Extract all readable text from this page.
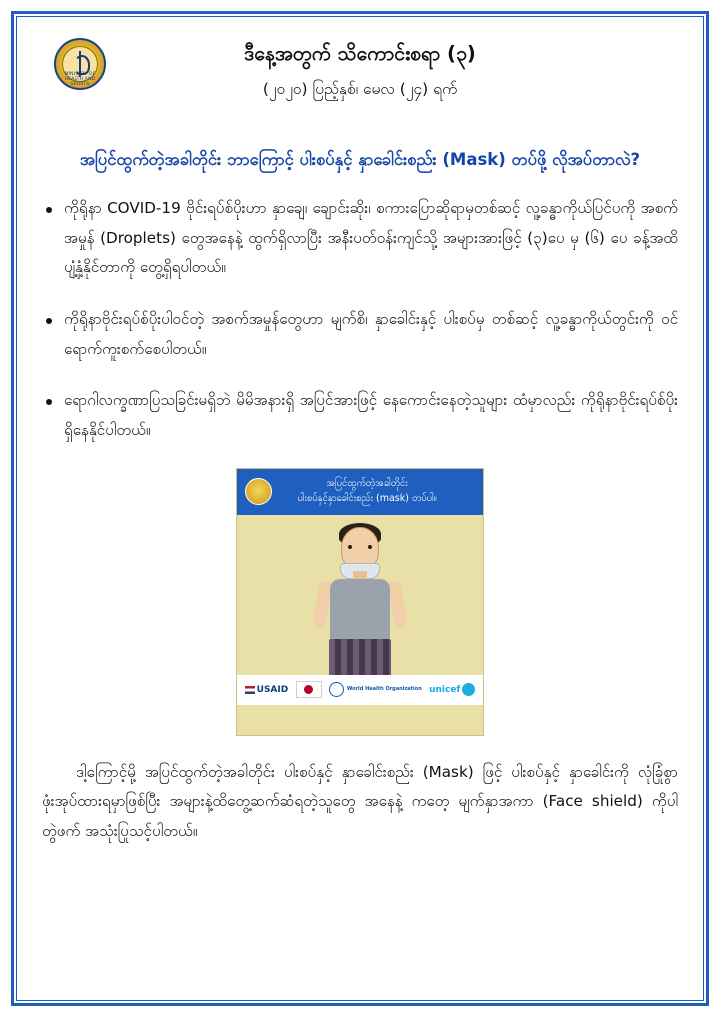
MINISTRY OF HEALTH AND SPORTS
ဒီနေ့အတွက် သိကောင်းစရာ (၃)
(၂၀၂၀) ပြည့်နှစ်၊ မေလ (၂၄) ရက်
အပြင်ထွက်တဲ့အခါတိုင်း ဘာကြောင့် ပါးစပ်နှင့် နှာခေါင်းစည်း (Mask) တပ်ဖို့ လိုအပ်တာလဲ?
ကိုရိုနာ COVID-19 ဗိုင်းရပ်စ်ပိုးဟာ နှာချေ၊ ချောင်းဆိုး၊ စကားပြောဆိုရာမှတစ်ဆင့် လူ့ခန္ဓာကိုယ်ပြင်ပကို အစက်အမှုန် (Droplets) တွေအနေနဲ့ ထွက်ရှိလာပြီး အနီးပတ်ဝန်းကျင်သို့ အများအားဖြင့် (၃)ပေ မှ (၆) ပေ ခန့်အထိ ပျံ့နှံ့နိုင်တာကို တွေ့ရှိရပါတယ်။
ကိုရိုနာဗိုင်းရပ်စ်ပိုးပါဝင်တဲ့ အစက်အမှုန်တွေဟာ မျက်စိ၊ နှာခေါင်းနှင့် ပါးစပ်မှ တစ်ဆင့် လူ့ခန္ဓာကိုယ်တွင်းကို ဝင်ရောက်ကူးစက်စေပါတယ်။
ရောဂါလက္ခဏာပြသခြင်းမရှိဘဲ မိမိအနားရှိ အပြင်အားဖြင့် နေကောင်းနေတဲ့သူများ ထံမှာလည်း ကိုရိုနာဗိုင်းရပ်စ်ပိုးရှိနေနိုင်ပါတယ်။
အပြင်ထွက်တဲ့အခါတိုင်း
ပါးစပ်နှင့်နှာခေါင်းစည်း (mask) တပ်ပါ။
USAID	World Health Organization unicef
ဒါ့ကြောင့်မို့ အပြင်ထွက်တဲ့အခါတိုင်း ပါးစပ်နှင့် နှာခေါင်းစည်း (Mask) ဖြင့် ပါးစပ်နှင့် နှာခေါင်းကို လုံခြုံစွာဖုံးအုပ်ထားရမှာဖြစ်ပြီး အများနဲ့ထိတွေ့ဆက်ဆံရတဲ့သူတွေ အနေနဲ့ ကတေ့ မျက်နှာအကာ (Face shield) ကိုပါ တွဲဖက် အသုံးပြုသင့်ပါတယ်။
